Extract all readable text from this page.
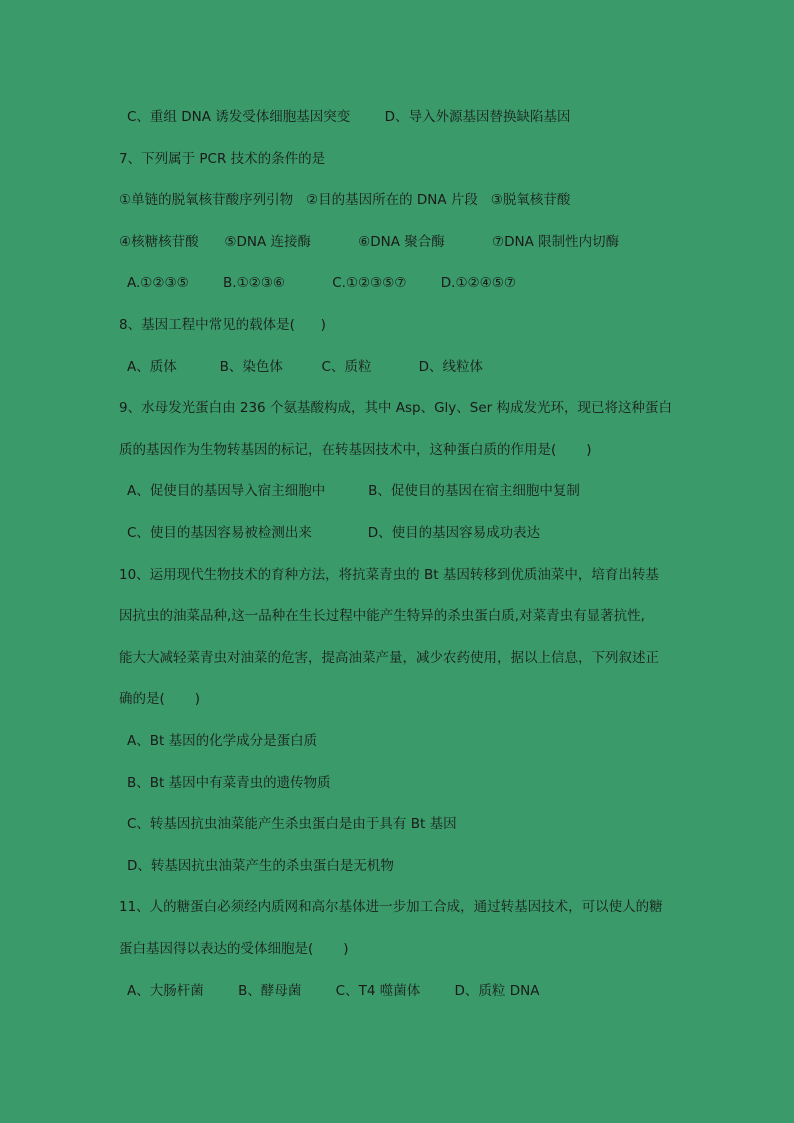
C、重组 DNA 诱发受体细胞基因突变        D、导入外源基因替换缺陷基因
7、下列属于 PCR 技术的条件的是
①单链的脱氧核苷酸序列引物   ②目的基因所在的 DNA 片段   ③脱氧核苷酸
④核糖核苷酸      ⑤DNA 连接酶           ⑥DNA 聚合酶           ⑦DNA 限制性内切酶
A.①②③⑤        B.①②③⑥           C.①②③⑤⑦        D.①②④⑤⑦
8、基因工程中常见的载体是(      )
A、质体          B、染色体         C、质粒           D、线粒体
9、水母发光蛋白由 236 个氨基酸构成，其中 Asp、Gly、Ser 构成发光环，现已将这种蛋白
质的基因作为生物转基因的标记，在转基因技术中，这种蛋白质的作用是(       )
A、促使目的基因导入宿主细胞中          B、促使目的基因在宿主细胞中复制
C、使目的基因容易被检测出来             D、使目的基因容易成功表达
10、运用现代生物技术的育种方法，将抗菜青虫的 Bt 基因转移到优质油菜中，培育出转基
因抗虫的油菜品种,这一品种在生长过程中能产生特异的杀虫蛋白质,对菜青虫有显著抗性,
能大大减轻菜青虫对油菜的危害，提高油菜产量，减少农药使用，据以上信息，下列叙述正
确的是(       )
A、Bt 基因的化学成分是蛋白质
B、Bt 基因中有菜青虫的遗传物质
C、转基因抗虫油菜能产生杀虫蛋白是由于具有 Bt 基因
D、转基因抗虫油菜产生的杀虫蛋白是无机物
11、人的糖蛋白必须经内质网和高尔基体进一步加工合成，通过转基因技术，可以使人的糖
蛋白基因得以表达的受体细胞是(       )
A、大肠杆菌        B、酵母菌        C、T4 噬菌体        D、质粒 DNA
